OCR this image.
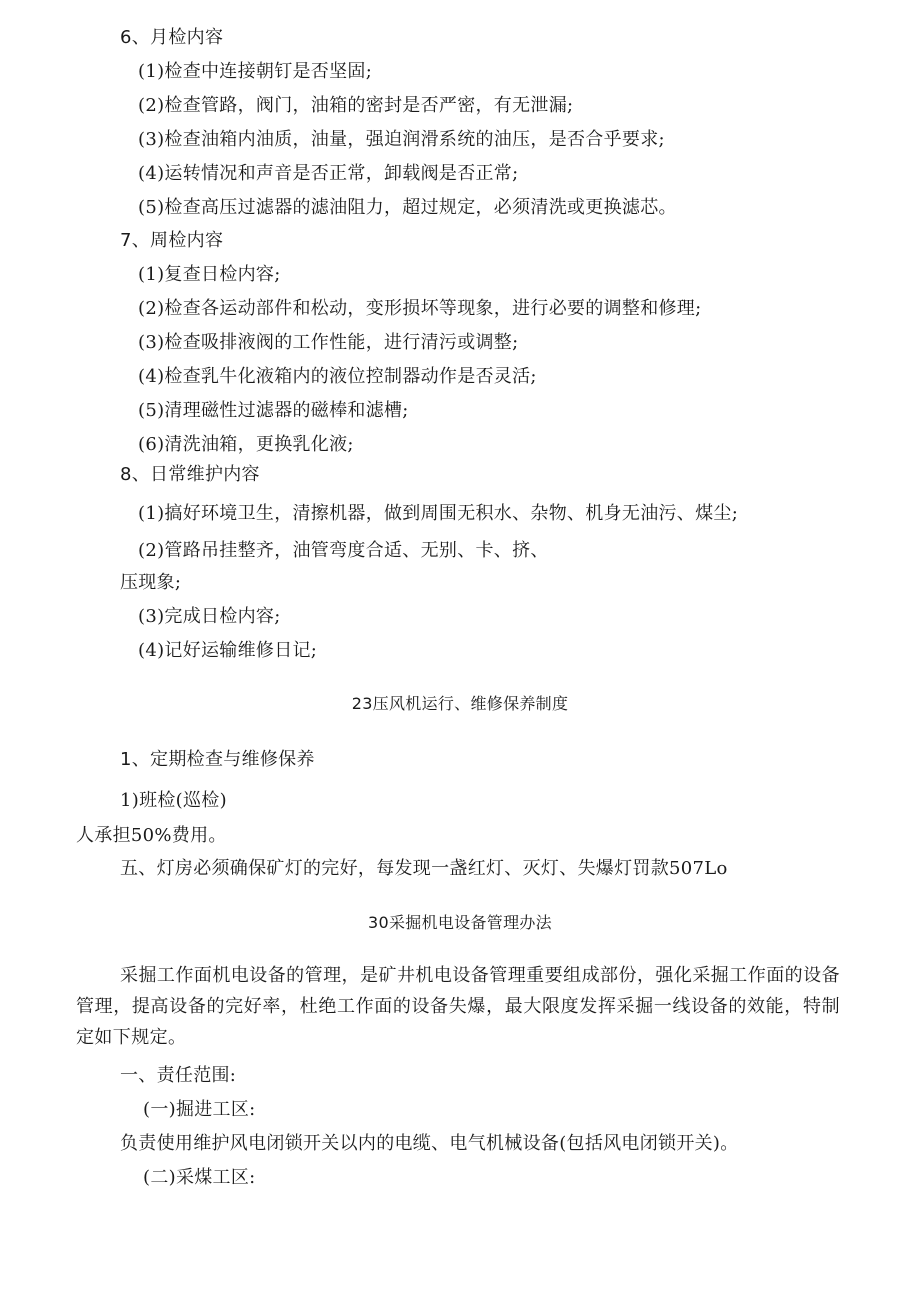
6、月检内容
(1)检查中连接朝钉是否坚固;
(2)检查管路，阀门，油箱的密封是否严密，有无泄漏;
(3)检查油箱内油质，油量，强迫润滑系统的油压，是否合乎要求;
(4)运转情况和声音是否正常，卸载阀是否正常;
(5)检查高压过滤器的滤油阻力，超过规定，必须清洗或更换滤芯。
7、周检内容
(1)复查日检内容;
(2)检查各运动部件和松动，变形损坏等现象，进行必要的调整和修理;
(3)检查吸排液阀的工作性能，进行清污或调整;
(4)检查乳牛化液箱内的液位控制器动作是否灵活;
(5)清理磁性过滤器的磁棒和滤槽;
(6)清洗油箱，更换乳化液;
8、日常维护内容
(1)搞好环境卫生，清擦机器，做到周围无积水、杂物、机身无油污、煤尘;
(2)管路吊挂整齐，油管弯度合适、无别、卡、挤、
压现象;
(3)完成日检内容;
(4)记好运输维修日记;
23压风机运行、维修保养制度
1、定期检查与维修保养
1)班检(巡检)
人承担50%费用。
五、灯房必须确保矿灯的完好，每发现一盏红灯、灭灯、失爆灯罚款507Lo
30采掘机电设备管理办法
采掘工作面机电设备的管理，是矿井机电设备管理重要组成部份，强化采掘工作面的设备管理，提高设备的完好率，杜绝工作面的设备失爆，最大限度发挥采掘一线设备的效能，特制定如下规定。
一、责任范围:
(一)掘进工区:
负责使用维护风电闭锁开关以内的电缆、电气机械设备(包括风电闭锁开关)。
(二)采煤工区:
